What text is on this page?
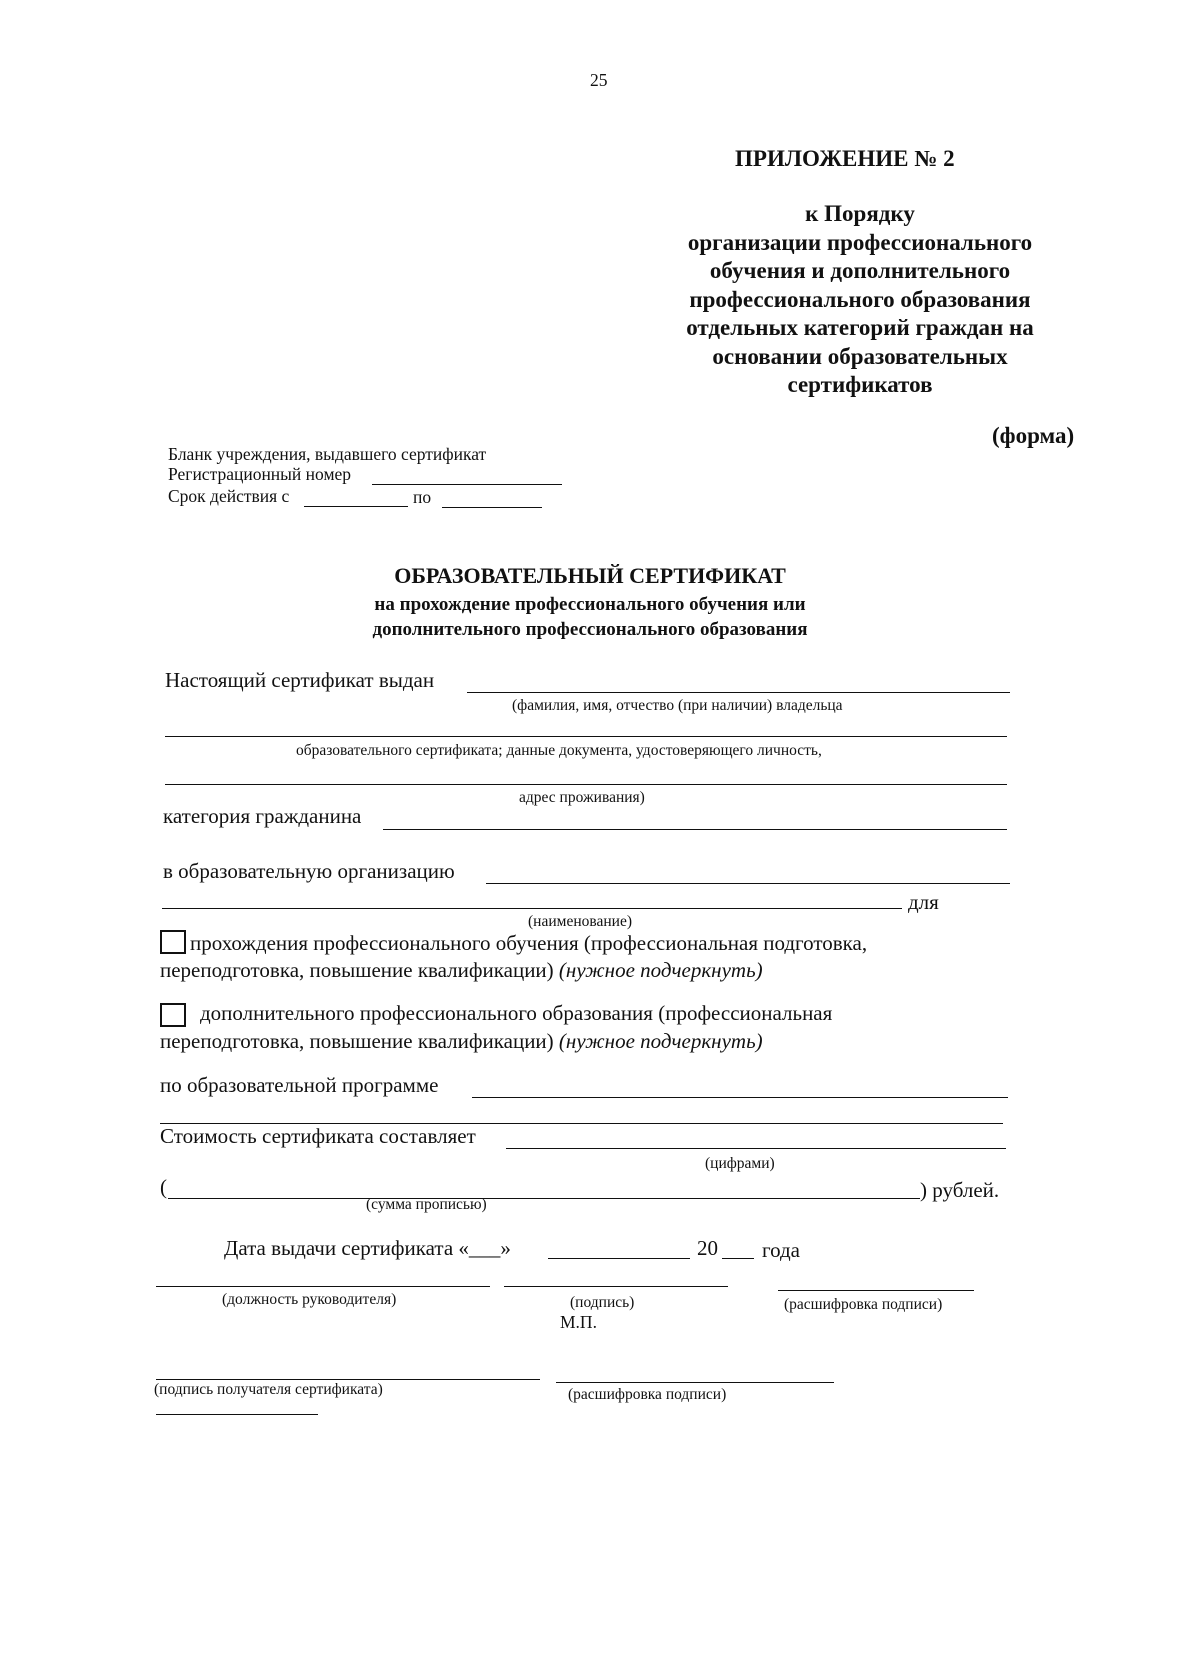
25
ПРИЛОЖЕНИЕ № 2
к Порядку
организации профессионального
обучения и дополнительного
профессионального образования
отдельных категорий граждан на
основании образовательных
сертификатов
(форма)
Бланк учреждения, выдавшего сертификат
Регистрационный номер
Срок действия с	по
ОБРАЗОВАТЕЛЬНЫЙ СЕРТИФИКАТ
на прохождение профессионального обучения или
дополнительного профессионального образования
Настоящий сертификат выдан
(фамилия, имя, отчество (при наличии) владельца
образовательного сертификата; данные документа, удостоверяющего личность,
адрес проживания)
категория гражданина
в образовательную организацию
для
(наименование)
прохождения профессионального обучения (профессиональная подготовка,
переподготовка, повышение квалификации) (нужное подчеркнуть)
дополнительного профессионального образования (профессиональная
переподготовка, повышение квалификации) (нужное подчеркнуть)
по образовательной программе
Стоимость сертификата составляет
(цифрами)
(	) рублей.
(сумма прописью)
Дата выдачи сертификата «___»	20 года
(должность руководителя)	(подпись)
М.П.
(расшифровка подписи)
(подпись получателя сертификата)	(расшифровка подписи)
